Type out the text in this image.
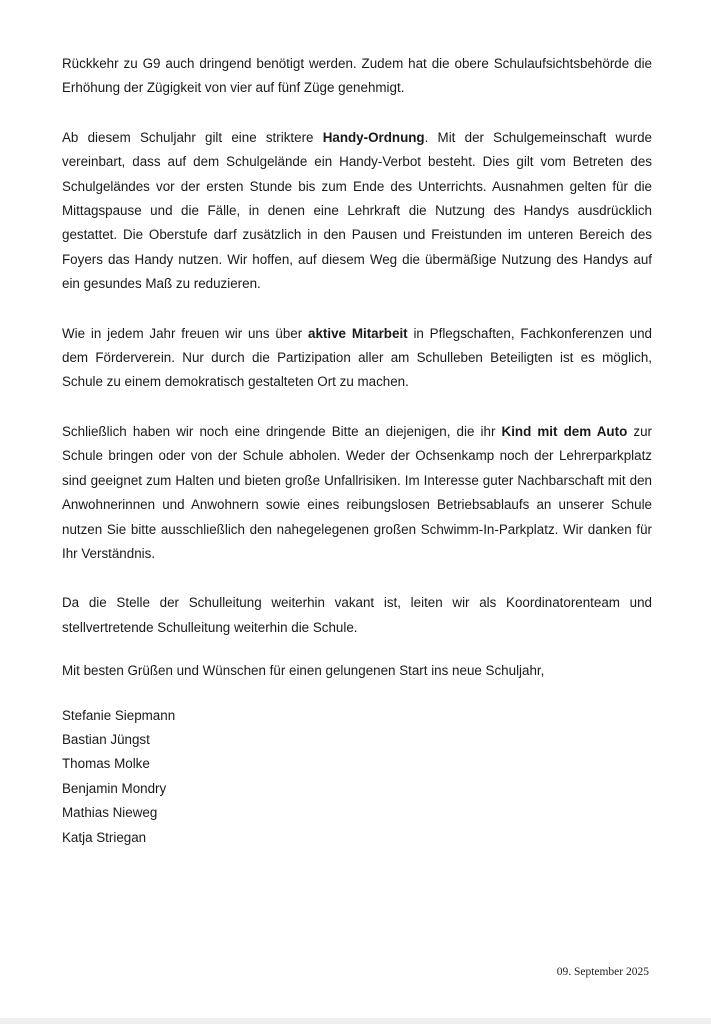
Rückkehr zu G9 auch dringend benötigt werden. Zudem hat die obere Schulaufsichtsbehörde die Erhöhung der Zügigkeit von vier auf fünf Züge genehmigt.

Ab diesem Schuljahr gilt eine striktere Handy-Ordnung. Mit der Schulgemeinschaft wurde vereinbart, dass auf dem Schulgelände ein Handy-Verbot besteht. Dies gilt vom Betreten des Schulgeländes vor der ersten Stunde bis zum Ende des Unterrichts. Ausnahmen gelten für die Mittagspause und die Fälle, in denen eine Lehrkraft die Nutzung des Handys ausdrücklich gestattet. Die Oberstufe darf zusätzlich in den Pausen und Freistunden im unteren Bereich des Foyers das Handy nutzen. Wir hoffen, auf diesem Weg die übermäßige Nutzung des Handys auf ein gesundes Maß zu reduzieren.

Wie in jedem Jahr freuen wir uns über aktive Mitarbeit in Pflegschaften, Fachkonferenzen und dem Förderverein. Nur durch die Partizipation aller am Schulleben Beteiligten ist es möglich, Schule zu einem demokratisch gestalteten Ort zu machen.

Schließlich haben wir noch eine dringende Bitte an diejenigen, die ihr Kind mit dem Auto zur Schule bringen oder von der Schule abholen. Weder der Ochsenkamp noch der Lehrerparkplatz sind geeignet zum Halten und bieten große Unfallrisiken. Im Interesse guter Nachbarschaft mit den Anwohnerinnen und Anwohnern sowie eines reibungslosen Betriebsablaufs an unserer Schule nutzen Sie bitte ausschließlich den nahegelegenen großen Schwimm-In-Parkplatz. Wir danken für Ihr Verständnis.

Da die Stelle der Schulleitung weiterhin vakant ist, leiten wir als Koordinatorenteam und stellvertretende Schulleitung weiterhin die Schule.

Mit besten Grüßen und Wünschen für einen gelungenen Start ins neue Schuljahr,

Stefanie Siepmann
Bastian Jüngst
Thomas Molke
Benjamin Mondry
Mathias Nieweg
Katja Striegan
09. September 2025
